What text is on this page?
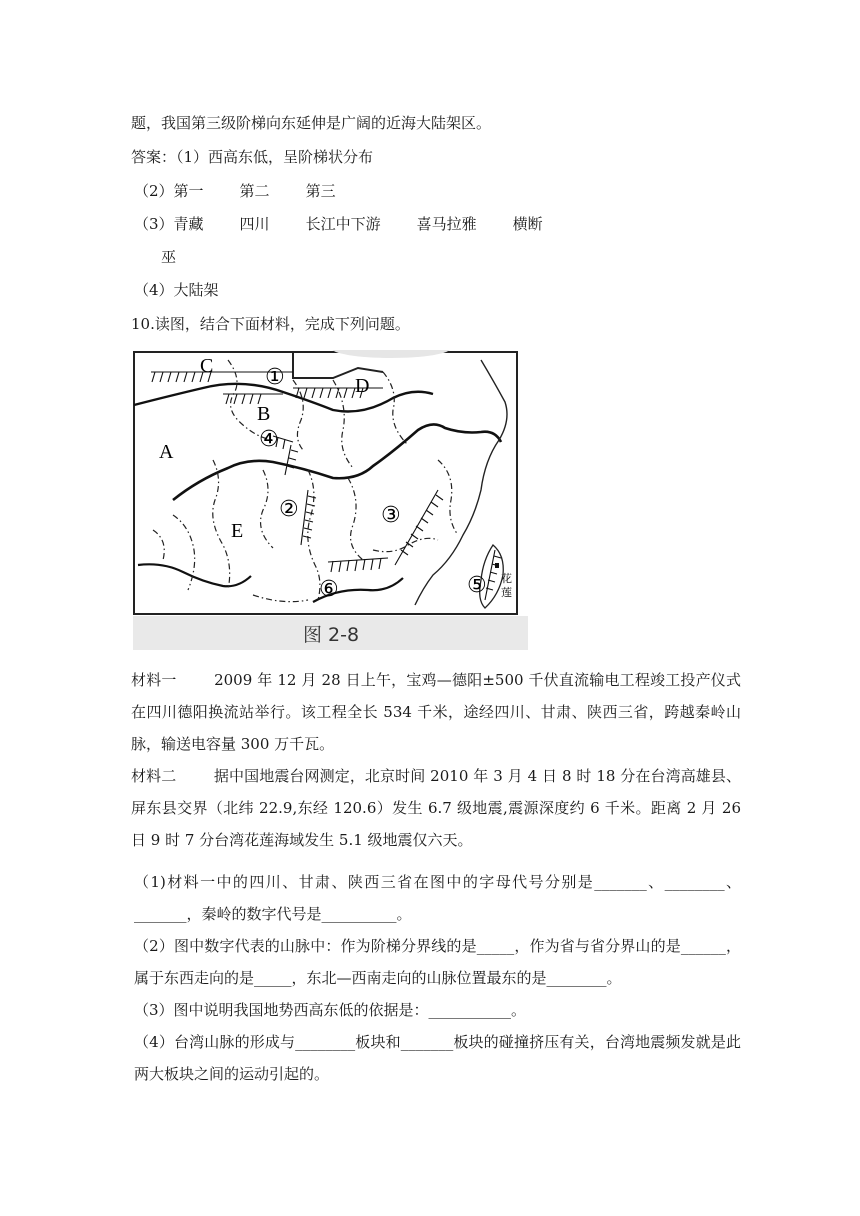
题，我国第三级阶梯向东延伸是广阔的近海大陆架区。
答案：（1）西高东低，呈阶梯状分布
（2）第一 第二 第三
（3）青藏 四川 长江中下游 喜马拉雅 横断
巫
（4）大陆架
10.读图，结合下面材料，完成下列问题。
C
B
D
A
E
①
②	③
④
⑤
⑥	花
莲
图 2-8
材料一	2009 年 12 月 28 日上午，宝鸡—德阳±500 千伏直流输电工程竣工投产仪式在四川德阳换流站举行。该工程全长 534 千米，途经四川、甘肃、陕西三省，跨越秦岭山脉，输送电容量 300 万千瓦。
材料二	据中国地震台网测定，北京时间 2010 年 3 月 4 日 8 时 18 分在台湾高雄县、屏东县交界（北纬 22.9,东经 120.6）发生 6.7 级地震,震源深度约 6 千米。距离 2 月 26 日 9 时 7 分台湾花莲海域发生 5.1 级地震仅六天。
（1)材料一中的四川、甘肃、陕西三省在图中的字母代号分别是_______、________、_______，秦岭的数字代号是__________。
（2）图中数字代表的山脉中：作为阶梯分界线的是_____，作为省与省分界山的是______，属于东西走向的是_____，东北—西南走向的山脉位置最东的是________。
（3）图中说明我国地势西高东低的依据是：___________。
（4）台湾山脉的形成与________板块和_______板块的碰撞挤压有关，台湾地震频发就是此两大板块之间的运动引起的。
